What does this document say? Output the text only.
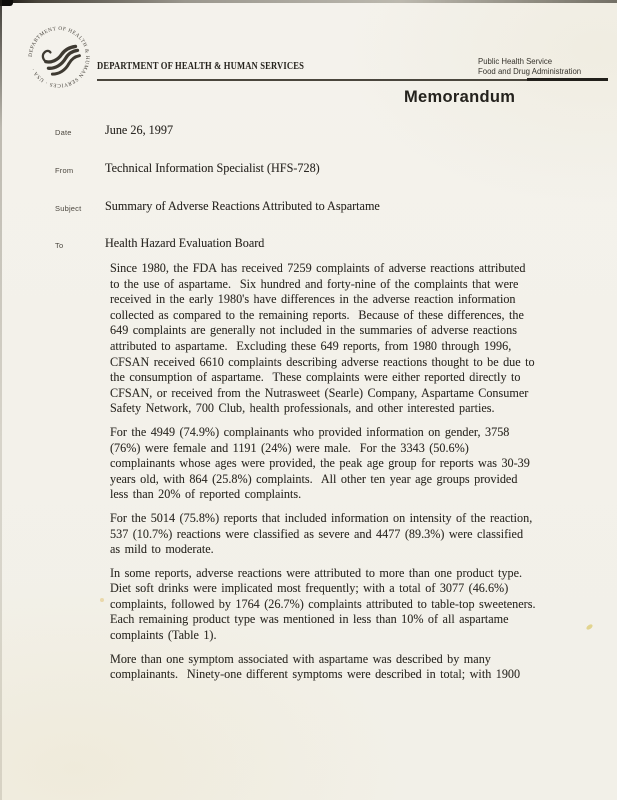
DEPARTMENT OF HEALTH & HUMAN SERVICES · USA ·	DEPARTMENT OF HEALTH & HUMAN SERVICES	Public Health Service
Food and Drug Administration
Memorandum
Date	June 26, 1997
From	Technical Information Specialist (HFS-728)
Subject Summary of Adverse Reactions Attributed to Aspartame
To	Health Hazard Evaluation Board
Since 1980, the FDA has received 7259 complaints of adverse reactions attributed
to the use of aspartame.  Six hundred and forty-nine of the complaints that were
received in the early 1980's have differences in the adverse reaction information
collected as compared to the remaining reports.  Because of these differences, the
649 complaints are generally not included in the summaries of adverse reactions
attributed to aspartame.  Excluding these 649 reports, from 1980 through 1996,
CFSAN received 6610 complaints describing adverse reactions thought to be due to
the consumption of aspartame.  These complaints were either reported directly to
CFSAN, or received from the Nutrasweet (Searle) Company, Aspartame Consumer
Safety Network, 700 Club, health professionals, and other interested parties.
For the 4949 (74.9%) complainants who provided information on gender, 3758
(76%) were female and 1191 (24%) were male.  For the 3343 (50.6%)
complainants whose ages were provided, the peak age group for reports was 30-39
years old, with 864 (25.8%) complaints.  All other ten year age groups provided
less than 20% of reported complaints.
For the 5014 (75.8%) reports that included information on intensity of the reaction,
537 (10.7%) reactions were classified as severe and 4477 (89.3%) were classified
as mild to moderate.
In some reports, adverse reactions were attributed to more than one product type.
Diet soft drinks were implicated most frequently; with a total of 3077 (46.6%)
complaints, followed by 1764 (26.7%) complaints attributed to table-top sweeteners.
Each remaining product type was mentioned in less than 10% of all aspartame
complaints (Table 1).
More than one symptom associated with aspartame was described by many
complainants.  Ninety-one different symptoms were described in total; with 1900
